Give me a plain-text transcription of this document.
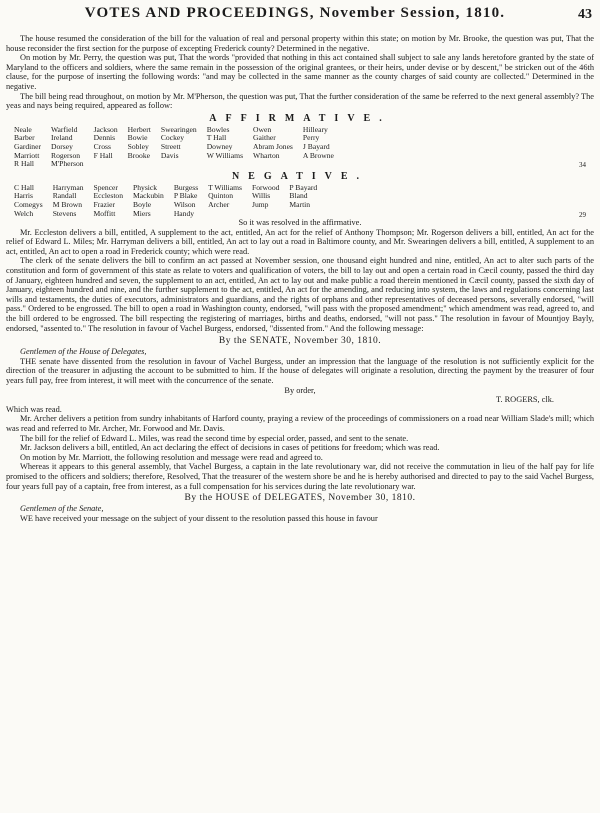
VOTES AND PROCEEDINGS, November Session, 1810.	43

The house resumed the consideration of the bill for the valuation of real and personal property within this state; on motion by Mr. Brooke, the question was put, That the house reconsider the first section for the purpose of excepting Frederick county? Determined in the negative.

On motion by Mr. Perry, the question was put, That the words "provided that nothing in this act contained shall subject to sale any lands heretofore granted by the state of Maryland to the officers and soldiers, where the same remain in the possession of the original grantees, or their heirs, under devise or by descent," be stricken out of the 46th clause, for the purpose of inserting the following words: "and may be collected in the same manner as the county charges of said county are collected." Determined in the negative.

The bill being read throughout, on motion by Mr. M'Pherson, the question was put, That the further consideration of the same be referred to the next general assembly? The yeas and nays being required, appeared as follow:

AFFIRMATIVE.
Neale	Warfield	Jackson	Herbert	Swearingen	Bowles	Owen	Hilleary
Barber	Ireland	Dennis	Bowie	Cockey	T Hall	Gaither	Perry
Gardiner	Dorsey	Cross	Sobley	Streett	Downey	Abram Jones	J Bayard
Marriott	Rogerson	F Hall	Brooke	Davis	W Williams	Wharton	A Browne
R Hall	M'Pherson							34
NEGATIVE.
C Hall	Harryman	Spencer	Physick	Burgess	T Williams	Forwood	P Bayard
Harris	Randall	Eccleston	Mackubin	P Blake	Quinton	Willis	Bland
Comegys	M Brown	Frazier	Boyle	Wilson	Archer	Jump	Martin
Welch	Stevens	Moffitt	Miers	Handy				29

So it was resolved in the affirmative.

Mr. Eccleston delivers a bill, entitled, A supplement to the act, entitled, An act for the relief of Anthony Thompson; Mr. Rogerson delivers a bill, entitled, An act for the relief of Edward L. Miles; Mr. Harryman delivers a bill, entitled, An act to lay out a road in Baltimore county, and Mr. Swearingen delivers a bill, entitled, A supplement to an act, entitled, An act to open a road in Frederick county; which were read.

The clerk of the senate delivers the bill to confirm an act passed at November session, one thousand eight hundred and nine, entitled, An act to alter such parts of the constitution and form of government of this state as relate to voters and qualification of voters, the bill to lay out and open a certain road in Cæcil county, passed the third day of January, eighteen hundred and seven, the supplement to an act, entitled, An act to lay out and make public a road therein mentioned in Cæcil county, passed the sixth day of January, eighteen hundred and nine, and the further supplement to the act, entitled, An act for the amending, and reducing into system, the laws and regulations concerning last wills and testaments, the duties of executors, administrators and guardians, and the rights of orphans and other representatives of deceased persons, severally endorsed, "will pass." Ordered to be engrossed. The bill to open a road in Washington county, endorsed, "will pass with the proposed amendment;" which amendment was read, agreed to, and the bill ordered to be engrossed. The bill respecting the registering of marriages, births and deaths, endorsed, "will not pass." The resolution in favour of Mountjoy Bayly, endorsed, "assented to." The resolution in favour of Vachel Burgess, endorsed, "dissented from." And the following message:

By the SENATE, November 30, 1810.

Gentlemen of the House of Delegates,

THE senate have dissented from the resolution in favour of Vachel Burgess, under an impression that the language of the resolution is not sufficiently explicit for the direction of the treasurer in adjusting the account to be submitted to him. If the house of delegates will originate a resolution, directing the payment by the treasurer of four years full pay, free from interest, it will meet with the concurrence of the senate.

By order,

T. ROGERS, clk.

Which was read.

Mr. Archer delivers a petition from sundry inhabitants of Harford county, praying a review of the proceedings of commissioners on a road near William Slade's mill; which was read and referred to Mr. Archer, Mr. Forwood and Mr. Davis.

The bill for the relief of Edward L. Miles, was read the second time by especial order, passed, and sent to the senate.

Mr. Jackson delivers a bill, entitled, An act declaring the effect of decisions in cases of petitions for freedom; which was read.

On motion by Mr. Marriott, the following resolution and message were read and agreed to.

Whereas it appears to this general assembly, that Vachel Burgess, a captain in the late revolutionary war, did not receive the commutation in lieu of the half pay for life promised to the officers and soldiers; therefore, Resolved, That the treasurer of the western shore be and he is hereby authorised and directed to pay to the said Vachel Burgess, four years full pay of a captain, free from interest, as a full compensation for his services during the late revolutionary war.

By the HOUSE of DELEGATES, November 30, 1810.

Gentlemen of the Senate,

WE have received your message on the subject of your dissent to the resolution passed this house in favour
